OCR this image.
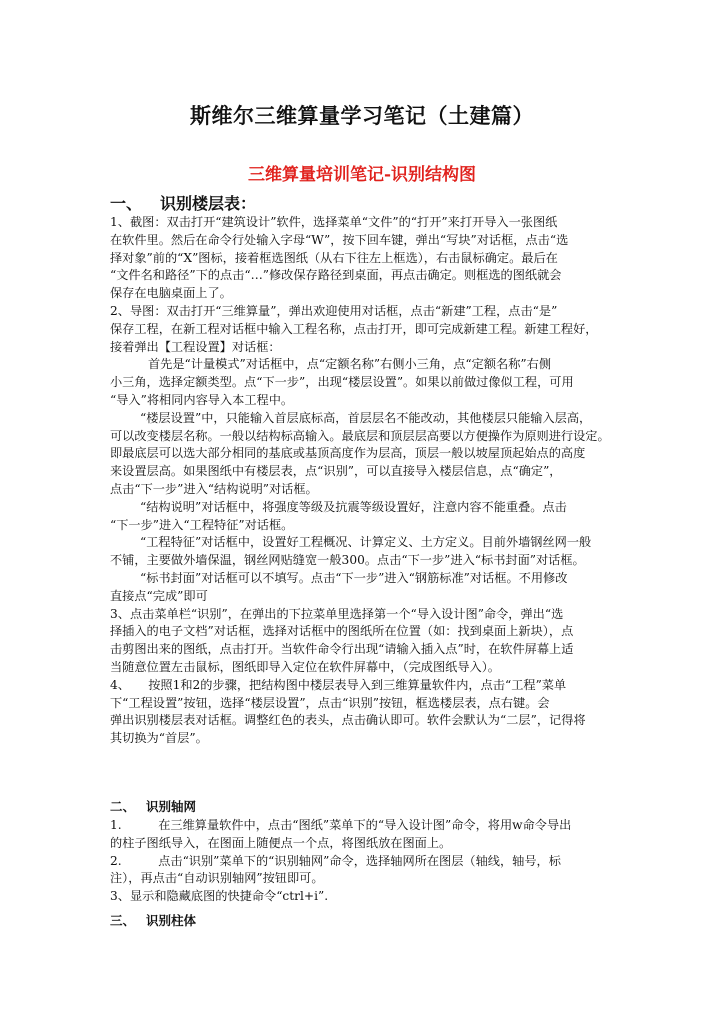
斯维尔三维算量学习笔记（土建篇）
三维算量培训笔记-识别结构图
一、 识别楼层表：
1、截图：双击打开“建筑设计”软件，选择菜单“文件”的“打开”来打开导入一张图纸
在软件里。然后在命令行处输入字母“W”，按下回车键，弹出“写块”对话框，点击“选
择对象”前的“X”图标，接着框选图纸（从右下往左上框选），右击鼠标确定。最后在
“文件名和路径”下的点击“…”修改保存路径到桌面，再点击确定。则框选的图纸就会
保存在电脑桌面上了。
2、导图：双击打开“三维算量”，弹出欢迎使用对话框，点击“新建”工程，点击“是”
保存工程，在新工程对话框中输入工程名称，点击打开，即可完成新建工程。新建工程好，
接着弹出【工程设置】对话框：
首先是“计量模式”对话框中，点“定额名称”右侧小三角，点“定额名称”右侧
小三角，选择定额类型。点“下一步”，出现“楼层设置”。如果以前做过像似工程，可用
“导入”将相同内容导入本工程中。
“楼层设置”中，只能输入首层底标高，首层层名不能改动，其他楼层只能输入层高，
可以改变楼层名称。一般以结构标高输入。最底层和顶层层高要以方便操作为原则进行设定。
即最底层可以选大部分相同的基底或基顶高度作为层高，顶层一般以坡屋顶起始点的高度
来设置层高。如果图纸中有楼层表，点“识别”，可以直接导入楼层信息，点“确定”，
点击“下一步”进入“结构说明”对话框。
“结构说明”对话框中，将强度等级及抗震等级设置好，注意内容不能重叠。点击
“下一步”进入“工程特征”对话框。
“工程特征”对话框中，设置好工程概况、计算定义、土方定义。目前外墙钢丝网一般
不铺，主要做外墙保温，钢丝网贴缝宽一般300。点击“下一步”进入“标书封面”对话框。
“标书封面”对话框可以不填写。点击“下一步”进入“钢筋标准”对话框。不用修改
直接点“完成”即可
3、点击菜单栏“识别”，在弹出的下拉菜单里选择第一个“导入设计图”命令，弹出“选
择插入的电子文档”对话框，选择对话框中的图纸所在位置（如：找到桌面上新块），点
击剪图出来的图纸，点击打开。当软件命令行出现“请输入插入点”时，在软件屏幕上适
当随意位置左击鼠标，图纸即导入定位在软件屏幕中，（完成图纸导入）。
4、　　按照1和2的步骤，把结构图中楼层表导入到三维算量软件内，点击“工程”菜单
下“工程设置”按钮，选择“楼层设置”，点击“识别”按钮，框选楼层表，点右键。会
弹出识别楼层表对话框。调整红色的表头，点击确认即可。软件会默认为“二层”，记得将
其切换为“首层”。
二、 识别轴网
1.　　　在三维算量软件中，点击“图纸”菜单下的“导入设计图”命令，将用w命令导出
的柱子图纸导入，在图面上随便点一个点，将图纸放在图面上。
2.　　　点击“识别”菜单下的“识别轴网”命令，选择轴网所在图层（轴线，轴号，标
注），再点击“自动识别轴网”按钮即可。
3、显示和隐藏底图的快捷命令“ctrl+i”.
三、 识别柱体
